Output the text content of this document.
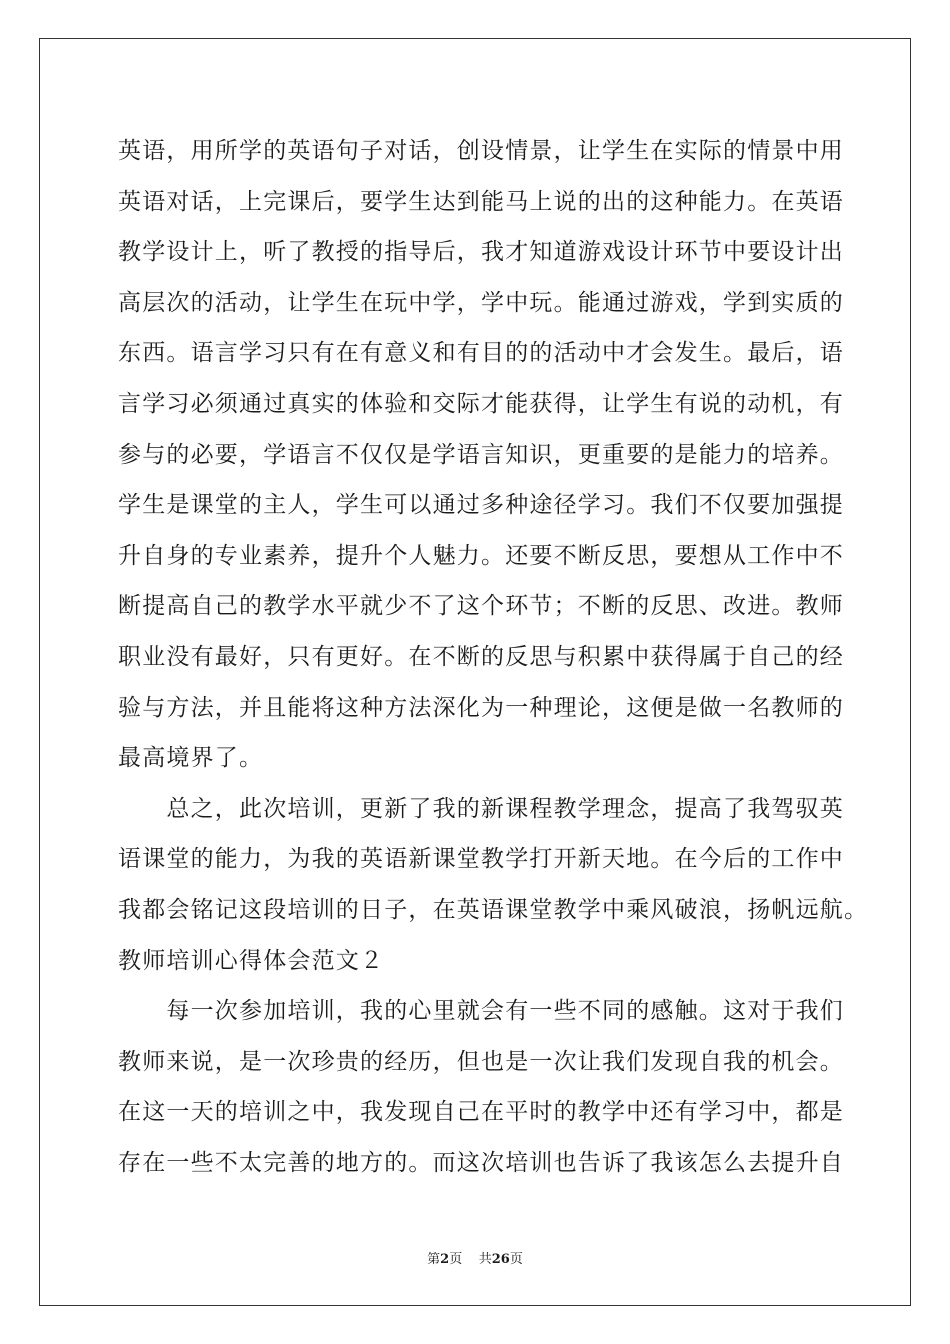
英语，用所学的英语句子对话，创设情景，让学生在实际的情景中用
英语对话，上完课后，要学生达到能马上说的出的这种能力。在英语
教学设计上，听了教授的指导后，我才知道游戏设计环节中要设计出
高层次的活动，让学生在玩中学，学中玩。能通过游戏，学到实质的
东西。语言学习只有在有意义和有目的的活动中才会发生。最后，语
言学习必须通过真实的体验和交际才能获得，让学生有说的动机，有
参与的必要，学语言不仅仅是学语言知识，更重要的是能力的培养。
学生是课堂的主人，学生可以通过多种途径学习。我们不仅要加强提
升自身的专业素养，提升个人魅力。还要不断反思，要想从工作中不
断提高自己的教学水平就少不了这个环节；不断的反思、改进。教师
职业没有最好，只有更好。在不断的反思与积累中获得属于自己的经
验与方法，并且能将这种方法深化为一种理论，这便是做一名教师的
最高境界了。
　　总之，此次培训，更新了我的新课程教学理念，提高了我驾驭英
语课堂的能力，为我的英语新课堂教学打开新天地。在今后的工作中
我都会铭记这段培训的日子，在英语课堂教学中乘风破浪，扬帆远航。
教师培训心得体会范文２
　　每一次参加培训，我的心里就会有一些不同的感触。这对于我们
教师来说，是一次珍贵的经历，但也是一次让我们发现自我的机会。
在这一天的培训之中，我发现自己在平时的教学中还有学习中，都是
存在一些不太完善的地方的。而这次培训也告诉了我该怎么去提升自
第2页 共26页
